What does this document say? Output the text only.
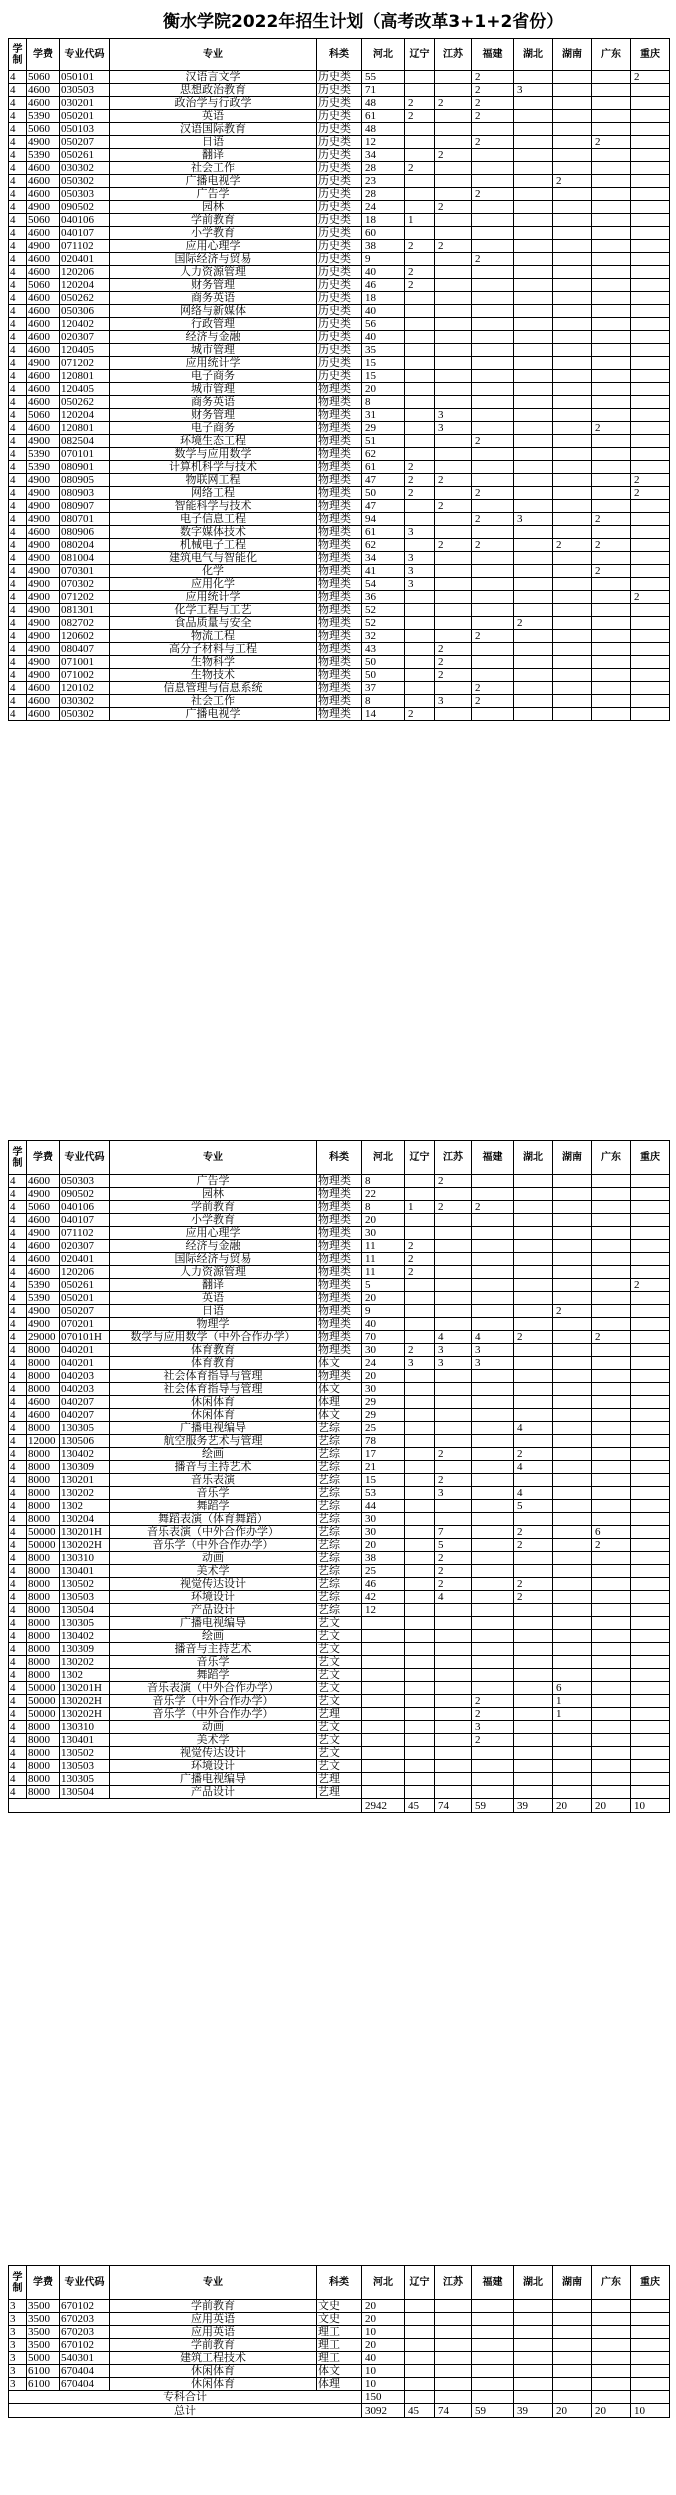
衡水学院2022年招生计划（高考改革3+1+2省份）
学制	学费	专业代码	专业	科类	河北	辽宁	江苏	福建	湖北	湖南	广东	重庆
4	5060	050101	汉语言文学	历史类	55			2				2
4	4600	030503	思想政治教育	历史类	71			2	3			
4	4600	030201	政治学与行政学	历史类	48	2	2	2				
4	5390	050201	英语	历史类	61	2		2				
4	5060	050103	汉语国际教育	历史类	48							
4	4900	050207	日语	历史类	12			2			2	
4	5390	050261	翻译	历史类	34		2					
4	4600	030302	社会工作	历史类	28	2						
4	4600	050302	广播电视学	历史类	23					2		
4	4600	050303	广告学	历史类	28			2				
4	4900	090502	园林	历史类	24		2					
4	5060	040106	学前教育	历史类	18	1						
4	4600	040107	小学教育	历史类	60							
4	4900	071102	应用心理学	历史类	38	2	2					
4	4600	020401	国际经济与贸易	历史类	9			2				
4	4600	120206	人力资源管理	历史类	40	2						
4	5060	120204	财务管理	历史类	46	2						
4	4600	050262	商务英语	历史类	18							
4	4600	050306	网络与新媒体	历史类	40							
4	4600	120402	行政管理	历史类	56							
4	4600	020307	经济与金融	历史类	40							
4	4600	120405	城市管理	历史类	35							
4	4900	071202	应用统计学	历史类	15							
4	4600	120801	电子商务	历史类	15							
4	4600	120405	城市管理	物理类	20							
4	4600	050262	商务英语	物理类	8							
4	5060	120204	财务管理	物理类	31		3					
4	4600	120801	电子商务	物理类	29		3				2	
4	4900	082504	环境生态工程	物理类	51			2				
4	5390	070101	数学与应用数学	物理类	62							
4	5390	080901	计算机科学与技术	物理类	61	2						
4	4900	080905	物联网工程	物理类	47	2	2					2
4	4900	080903	网络工程	物理类	50	2		2				2
4	4900	080907	智能科学与技术	物理类	47		2					
4	4900	080701	电子信息工程	物理类	94			2	3		2	
4	4600	080906	数字媒体技术	物理类	61	3						
4	4900	080204	机械电子工程	物理类	62		2	2		2	2	
4	4900	081004	建筑电气与智能化	物理类	34	3						
4	4900	070301	化学	物理类	41	3					2	
4	4900	070302	应用化学	物理类	54	3						
4	4900	071202	应用统计学	物理类	36							2
4	4900	081301	化学工程与工艺	物理类	52							
4	4900	082702	食品质量与安全	物理类	52				2			
4	4900	120602	物流工程	物理类	32			2				
4	4900	080407	高分子材料与工程	物理类	43		2					
4	4900	071001	生物科学	物理类	50		2					
4	4900	071002	生物技术	物理类	50		2					
4	4600	120102	信息管理与信息系统	物理类	37			2				
4	4600	030302	社会工作	物理类	8		3	2				
4	4600	050302	广播电视学	物理类	14	2						
学制	学费	专业代码	专业	科类	河北	辽宁	江苏	福建	湖北	湖南	广东	重庆
4	4600	050303	广告学	物理类	8		2					
4	4900	090502	园林	物理类	22							
4	5060	040106	学前教育	物理类	8	1	2	2				
4	4600	040107	小学教育	物理类	20							
4	4900	071102	应用心理学	物理类	30							
4	4600	020307	经济与金融	物理类	11	2						
4	4600	020401	国际经济与贸易	物理类	11	2						
4	4600	120206	人力资源管理	物理类	11	2						
4	5390	050261	翻译	物理类	5							2
4	5390	050201	英语	物理类	20							
4	4900	050207	日语	物理类	9					2		
4	4900	070201	物理学	物理类	40							
4	29000	070101H	数学与应用数学（中外合作办学）	物理类	70		4	4	2		2	
4	8000	040201	体育教育	物理类	30	2	3	3				
4	8000	040201	体育教育	体文	24	3	3	3				
4	8000	040203	社会体育指导与管理	物理类	20							
4	8000	040203	社会体育指导与管理	体文	30							
4	4600	040207	休闲体育	体理	29							
4	4600	040207	休闲体育	体文	29							
4	8000	130305	广播电视编导	艺综	25				4			
4	12000	130506	航空服务艺术与管理	艺综	78							
4	8000	130402	绘画	艺综	17		2		2			
4	8000	130309	播音与主持艺术	艺综	21				4			
4	8000	130201	音乐表演	艺综	15		2					
4	8000	130202	音乐学	艺综	53		3		4			
4	8000	1302	舞蹈学	艺综	44				5			
4	8000	130204	舞蹈表演（体育舞蹈）	艺综	30							
4	50000	130201H	音乐表演（中外合作办学）	艺综	30		7		2		6	
4	50000	130202H	音乐学（中外合作办学）	艺综	20		5		2		2	
4	8000	130310	动画	艺综	38		2					
4	8000	130401	美术学	艺综	25		2					
4	8000	130502	视觉传达设计	艺综	46		2		2			
4	8000	130503	环境设计	艺综	42		4		2			
4	8000	130504	产品设计	艺综	12							
4	8000	130305	广播电视编导	艺文								
4	8000	130402	绘画	艺文								
4	8000	130309	播音与主持艺术	艺文								
4	8000	130202	音乐学	艺文								
4	8000	1302	舞蹈学	艺文								
4	50000	130201H	音乐表演（中外合作办学）	艺文						6		
4	50000	130202H	音乐学（中外合作办学）	艺文				2		1		
4	50000	130202H	音乐学（中外合作办学）	艺理				2		1		
4	8000	130310	动画	艺文				3				
4	8000	130401	美术学	艺文				2				
4	8000	130502	视觉传达设计	艺文								
4	8000	130503	环境设计	艺文								
4	8000	130305	广播电视编导	艺理								
4	8000	130504	产品设计	艺理								
					2942	45	74	59	39	20	20	10
学制	学费	专业代码	专业	科类	河北	辽宁	江苏	福建	湖北	湖南	广东	重庆
3	3500	670102	学前教育	文史	20							
3	3500	670203	应用英语	文史	20							
3	3500	670203	应用英语	理工	10							
3	3500	670102	学前教育	理工	20							
3	5000	540301	建筑工程技术	理工	40							
3	6100	670404	休闲体育	体文	10							
3	6100	670404	休闲体育	体理	10							
专科合计					150							
总计					3092	45	74	59	39	20	20	10
